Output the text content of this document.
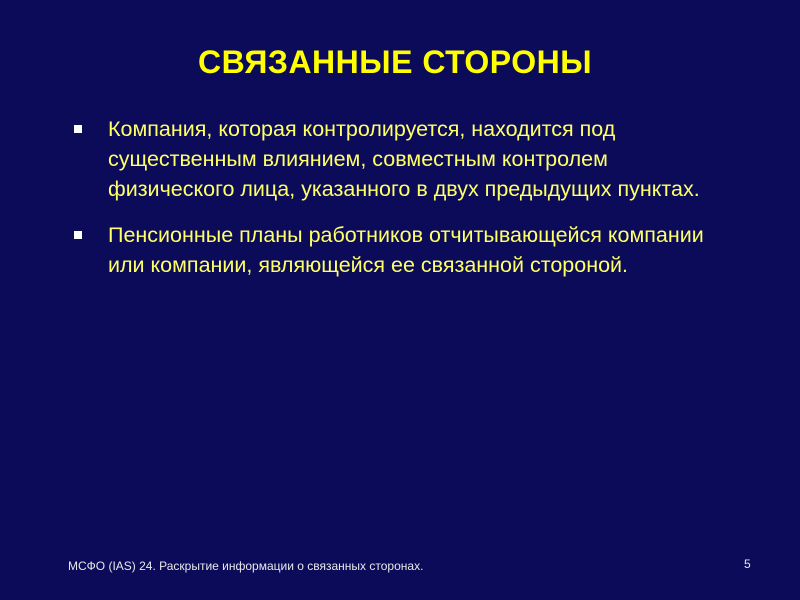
СВЯЗАННЫЕ СТОРОНЫ
Компания, которая контролируется, находится под существенным влиянием, совместным контролем физического лица, указанного в двух предыдущих пунктах.
Пенсионные планы работников отчитывающейся компании или компании, являющейся ее связанной стороной.
МСФО (IAS) 24. Раскрытие информации о связанных сторонах.	5
